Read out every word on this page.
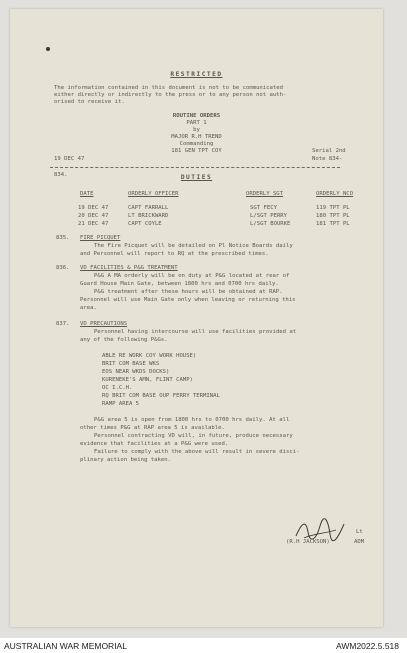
RESTRICTED
The information contained in this document is not to be communicated
either directly or indirectly to the press or to any person not auth-
orised to receive it.
ROUTINE ORDERS
PART 1
by
MAJOR R.H TREND
Commanding
181 GEN TPT COY
19 DEC 47
Serial 2nd
Note 834-
834.	DUTIES
DATE	ORDERLY OFFICER	ORDERLY SGT	ORDERLY NCO
19 DEC 47	CAPT FARRALL	SGT FECY	119 TPT PL
20 DEC 47	LT BRICKWARD	L/SGT PERRY	180 TPT PL
21 DEC 47	CAPT COYLE	L/SGT BOURKE	181 TPT PL
835. FIRE PICQUET
The Fire Picquet will be detailed on Pl Notice Boards daily
and Personnel will report to RQ at the prescribed times.
836. VD FACILITIES & P&G TREATMENT
P&G A MA orderly will be on duty at P&G located at rear of
Guard House Main Gate, between 1800 hrs and 0700 hrs daily.
P&G treatment after these hours will be obtained at RAP.
Personnel will use Main Gate only when leaving or returning this
area.
837. VD PRECAUTIONS
Personnel having intercourse will use facilities provided at
any of the following P&Gs.
ABLE RE WORK COY WORK HOUSE)
BRIT COM BASE WKS
EOS NEAR WKDS DOCKS)
KURENEKE'S AMN, FLINT CAMP)
OC I.C.H.
RQ BRIT COM BASE OUP FERRY TERMINAL
RAMP AREA 5
P&G area 5 is open from 1800 hrs to 0700 hrs daily. At all
other times P&G at RAP area 5 is available.
Personnel contracting VD will, in future, produce necessary
evidence that facilities at a P&G were used.
Failure to comply with the above will result in severe disci-
plinary action being taken.
Lt
(R.H JACKSON)	ADM
AUSTRALIAN WAR MEMORIAL	AWM2022.5.518
